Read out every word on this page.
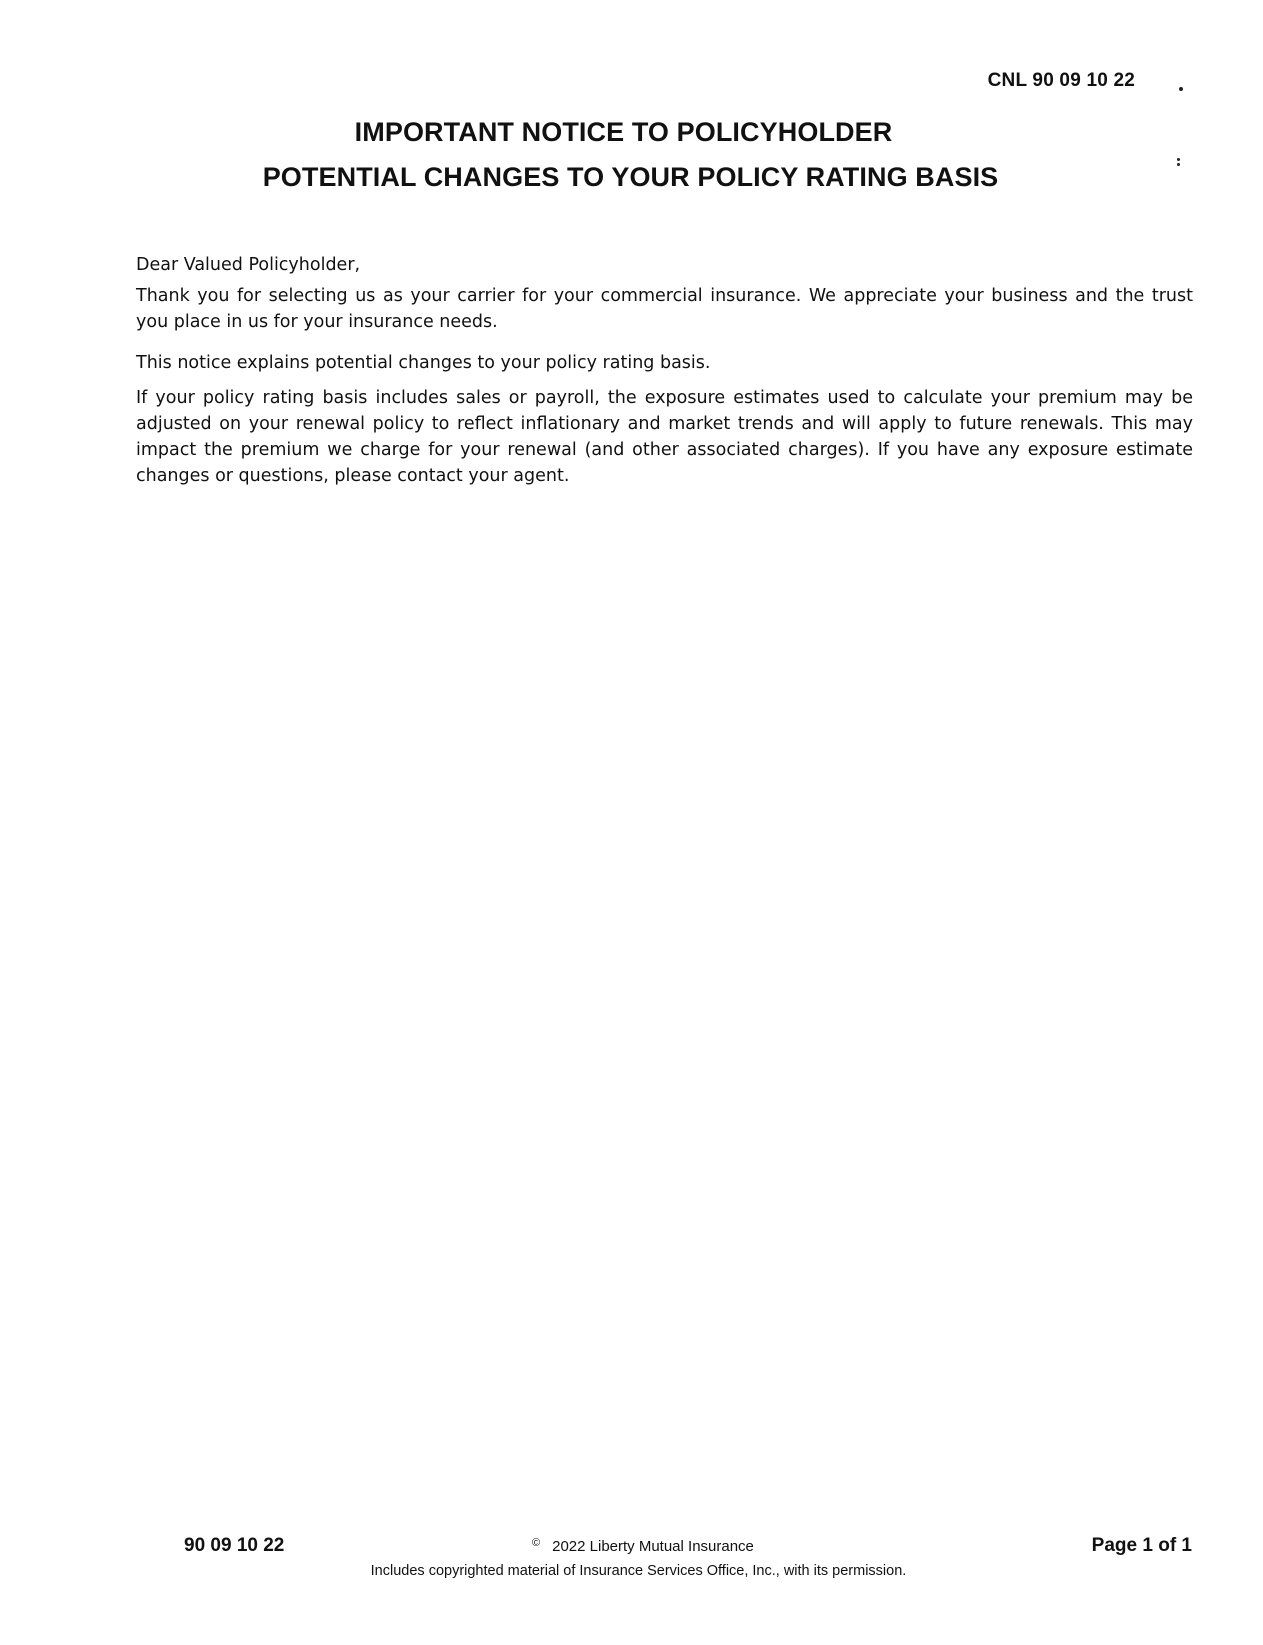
CNL 90 09 10 22
IMPORTANT NOTICE TO POLICYHOLDER
POTENTIAL CHANGES TO YOUR POLICY RATING BASIS
Dear Valued Policyholder,
Thank you for selecting us as your carrier for your commercial insurance. We appreciate your business and the trust you place in us for your insurance needs.
This notice explains potential changes to your policy rating basis.
If your policy rating basis includes sales or payroll, the exposure estimates used to calculate your premium may be adjusted on your renewal policy to reflect inflationary and market trends and will apply to future renewals. This may impact the premium we charge for your renewal (and other associated charges). If you have any exposure estimate changes or questions, please contact your agent.
90 09 10 22	© 2022 Liberty Mutual Insurance	Page 1 of 1
Includes copyrighted material of Insurance Services Office, Inc., with its permission.
